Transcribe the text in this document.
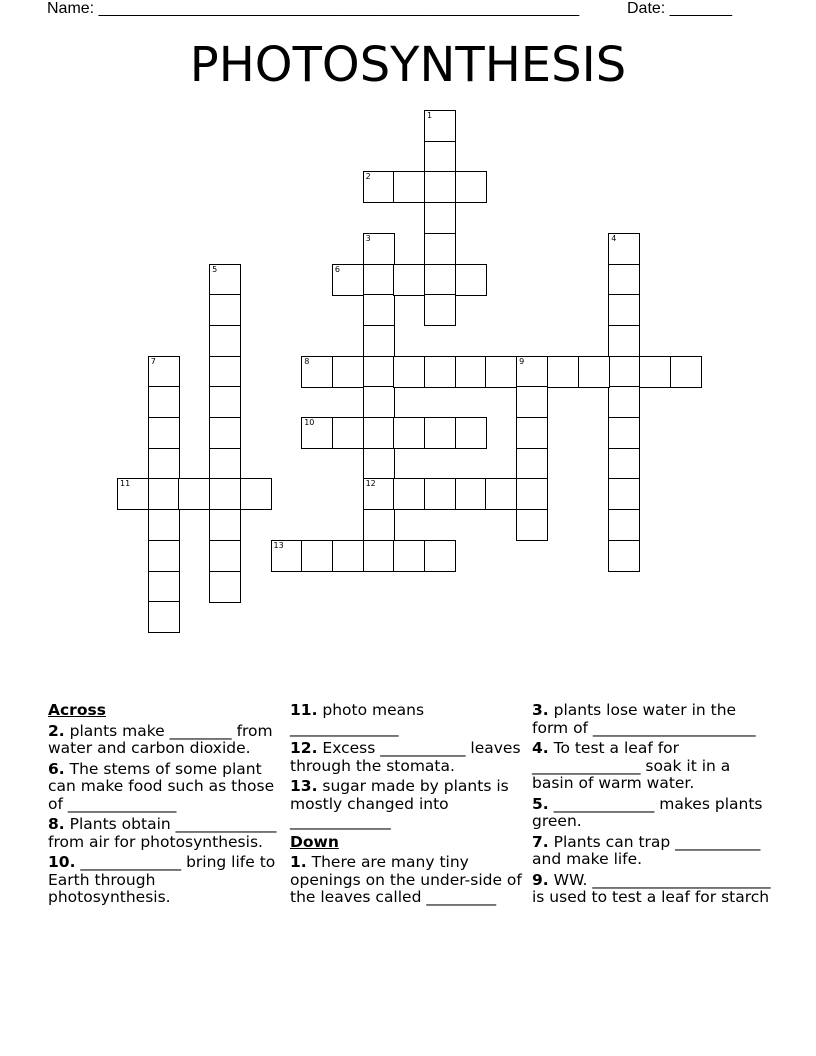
Name: ______________________________________________________	Date: _______
PHOTOSYNTHESIS
1
2
3
12
4
5	6
7	8	9
10
11
13
Across
2. plants make ________ from water and carbon dioxide.
6. The stems of some plant can make food such as those of ______________
8. Plants obtain _____________ from air for photosynthesis.
10. _____________ bring life to Earth through photosynthesis.
11. photo means ______________
12. Excess ___________ leaves through the stomata.
13. sugar made by plants is mostly changed into _____________
Down
1. There are many tiny openings on the under-side of the leaves called _________
3. plants lose water in the form of _____________________
4. To test a leaf for ______________ soak it in a basin of warm water.
5. _____________ makes plants green.
7. Plants can trap ___________ and make life.
9. WW. _______________________ is used to test a leaf for starch
